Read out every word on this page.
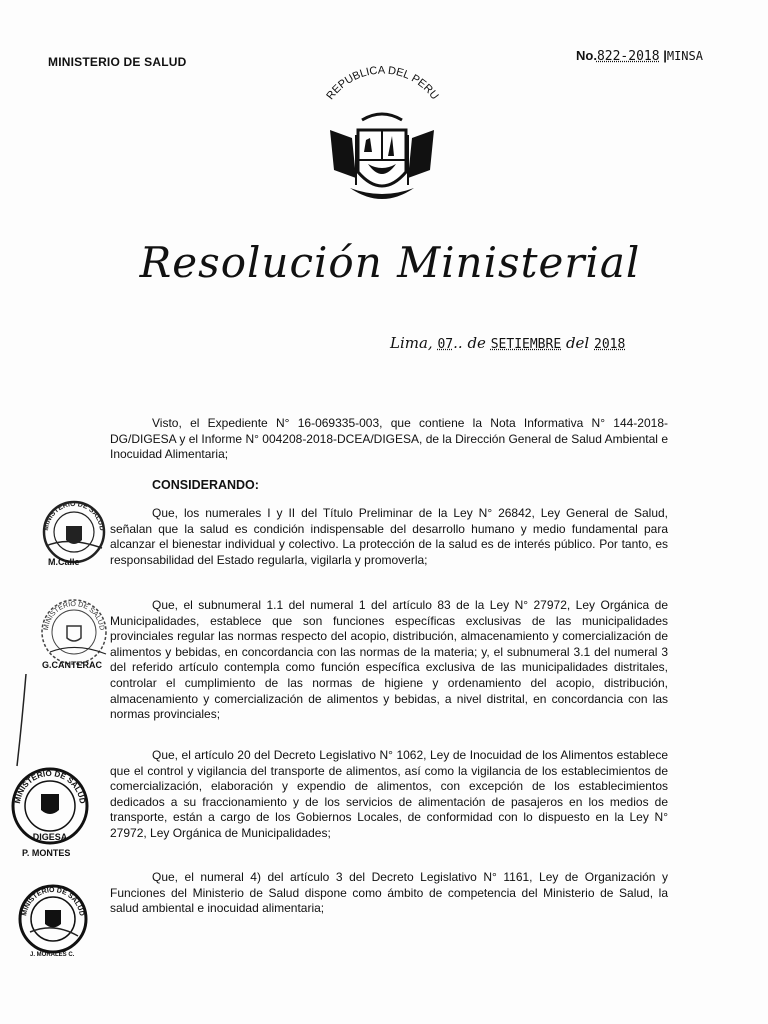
MINISTERIO DE SALUD	No.822-2018 |MINSA
REPUBLICA DEL PERU
Resolución Ministerial
Lima, 07.. de SETIEMBRE del 2018
Visto, el Expediente N° 16-069335-003, que contiene la Nota Informativa N° 144-2018-DG/DIGESA y el Informe N° 004208-2018-DCEA/DIGESA, de la Dirección General de Salud Ambiental e Inocuidad Alimentaria;
CONSIDERANDO:
Que, los numerales I y II del Título Preliminar de la Ley N° 26842, Ley General de Salud, señalan que la salud es condición indispensable del desarrollo humano y medio fundamental para alcanzar el bienestar individual y colectivo. La protección de la salud es de interés público. Por tanto, es responsabilidad del Estado regularla, vigilarla y promoverla;
Que, el subnumeral 1.1 del numeral 1 del artículo 83 de la Ley N° 27972, Ley Orgánica de Municipalidades, establece que son funciones específicas exclusivas de las municipalidades provinciales regular las normas respecto del acopio, distribución, almacenamiento y comercialización de alimentos y bebidas, en concordancia con las normas de la materia; y, el subnumeral 3.1 del numeral 3 del referido artículo contempla como función específica exclusiva de las municipalidades distritales, controlar el cumplimiento de las normas de higiene y ordenamiento del acopio, distribución, almacenamiento y comercialización de alimentos y bebidas, a nivel distrital, en concordancia con las normas provinciales;
Que, el artículo 20 del Decreto Legislativo N° 1062, Ley de Inocuidad de los Alimentos establece que el control y vigilancia del transporte de alimentos, así como la vigilancia de los establecimientos de comercialización, elaboración y expendio de alimentos, con excepción de los establecimientos dedicados a su fraccionamiento y de los servicios de alimentación de pasajeros en los medios de transporte, están a cargo de los Gobiernos Locales, de conformidad con lo dispuesto en la Ley N° 27972, Ley Orgánica de Municipalidades;
Que, el numeral 4) del artículo 3 del Decreto Legislativo N° 1161, Ley de Organización y Funciones del Ministerio de Salud dispone como ámbito de competencia del Ministerio de Salud, la salud ambiental e inocuidad alimentaria;
MINISTERIO DE SALUD
M.Calle
MINISTERIO DE SALUD
G.CANTERAC
MINISTERIO DE SALUD
DIGESA
P. MONTES
MINISTERIO DE SALUD
J. MORALES C.
